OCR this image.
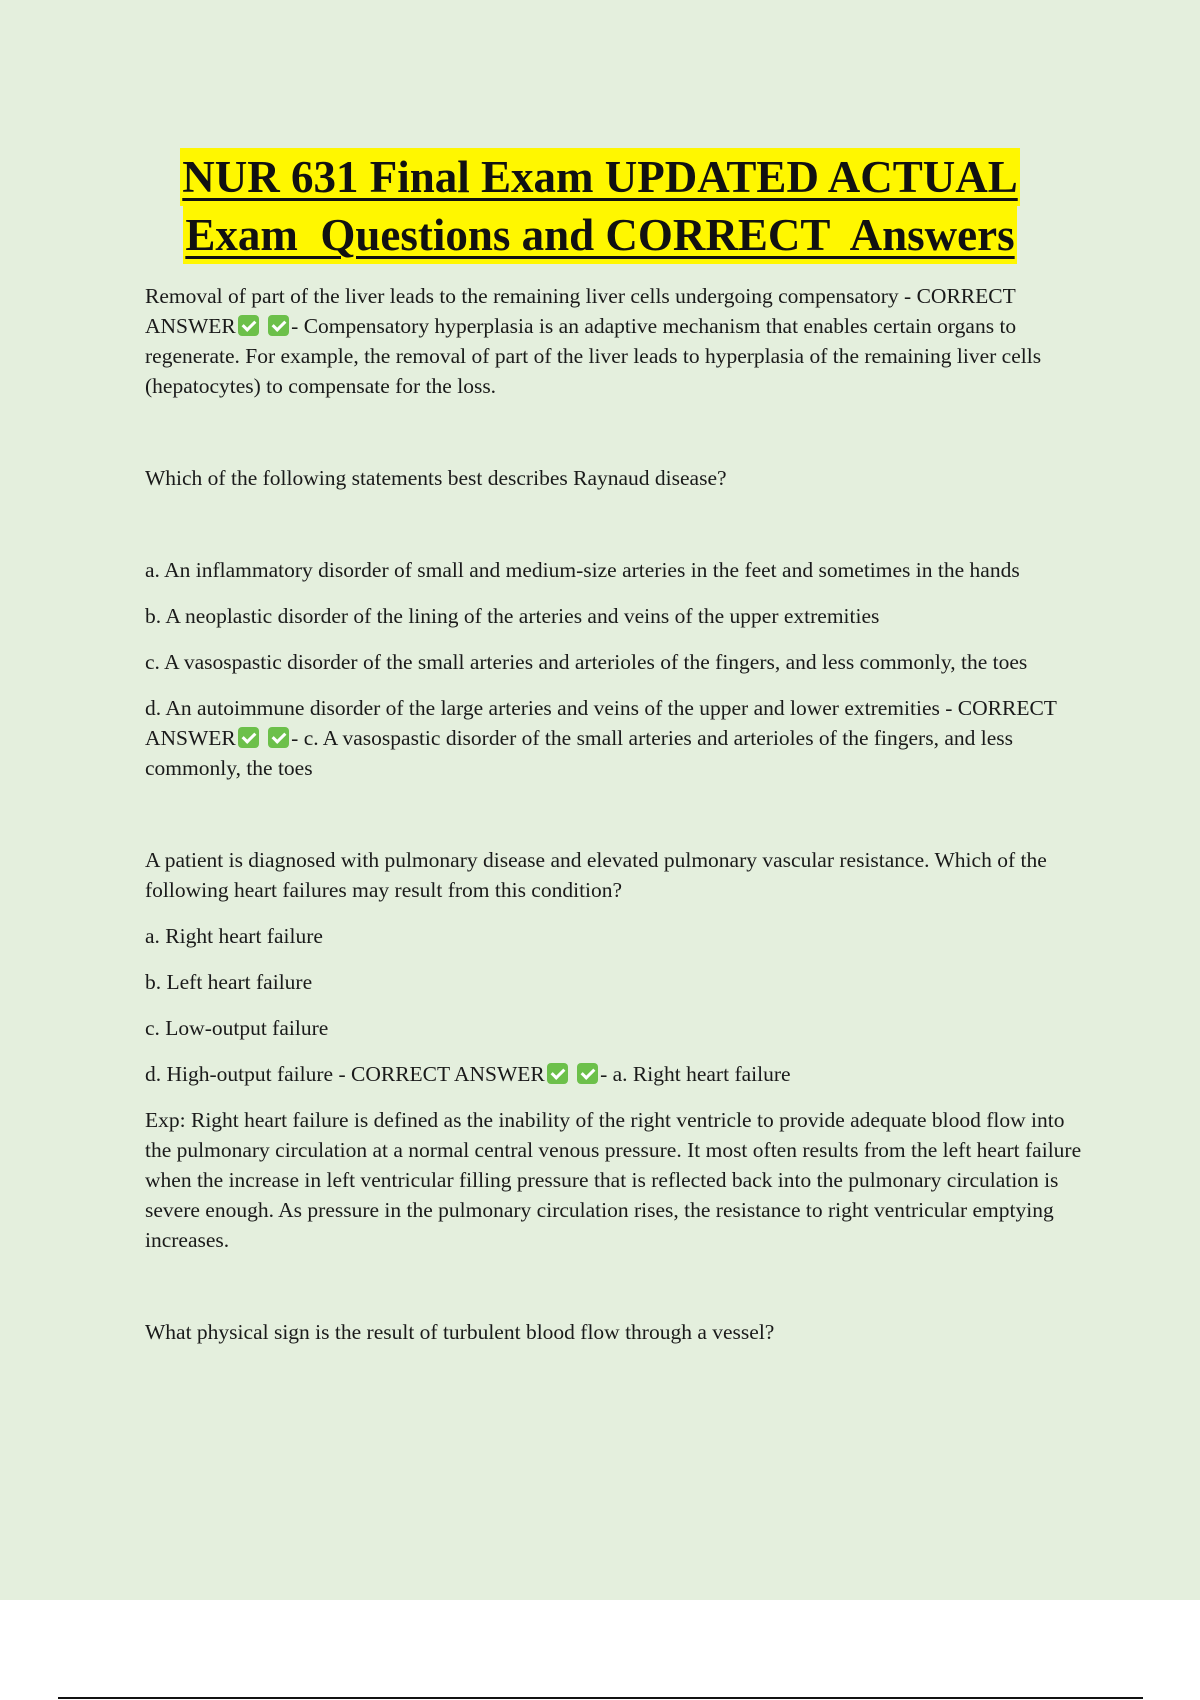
NUR 631 Final Exam UPDATED ACTUAL
Exam  Questions and CORRECT  Answers

Removal of part of the liver leads to the remaining liver cells undergoing compensatory - CORRECT ANSWER	- Compensatory hyperplasia is an adaptive mechanism that enables certain organs to regenerate. For example, the removal of part of the liver leads to hyperplasia of the remaining liver cells (hepatocytes) to compensate for the loss.

Which of the following statements best describes Raynaud disease?

a. An inflammatory disorder of small and medium-size arteries in the feet and sometimes in the hands

b. A neoplastic disorder of the lining of the arteries and veins of the upper extremities

c. A vasospastic disorder of the small arteries and arterioles of the fingers, and less commonly, the toes

d. An autoimmune disorder of the large arteries and veins of the upper and lower extremities - CORRECT ANSWER	- c. A vasospastic disorder of the small arteries and arterioles of the fingers, and less commonly, the toes

A patient is diagnosed with pulmonary disease and elevated pulmonary vascular resistance. Which of the following heart failures may result from this condition?

a. Right heart failure

b. Left heart failure

c. Low-output failure

d. High-output failure - CORRECT ANSWER	- a. Right heart failure

Exp: Right heart failure is defined as the inability of the right ventricle to provide adequate blood flow into the pulmonary circulation at a normal central venous pressure. It most often results from the left heart failure when the increase in left ventricular filling pressure that is reflected back into the pulmonary circulation is severe enough. As pressure in the pulmonary circulation rises, the resistance to right ventricular emptying increases.

What physical sign is the result of turbulent blood flow through a vessel?
